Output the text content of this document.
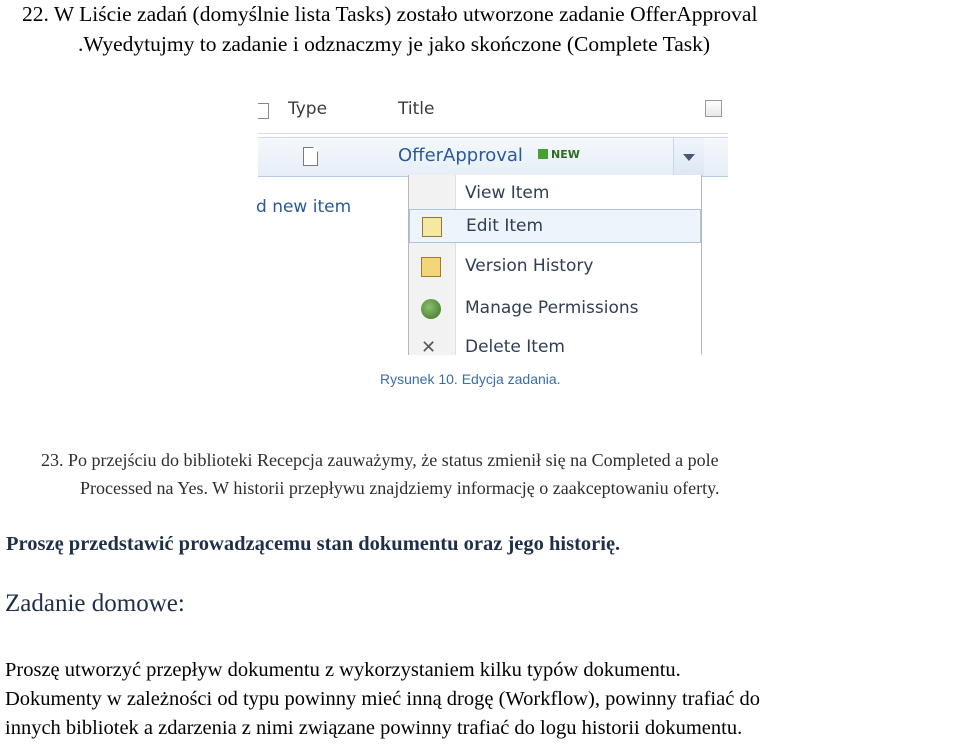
22. W Liście zadań (domyślnie lista Tasks) zostało utworzone zadanie OfferApproval
.Wyedytujmy to zadanie i odznaczmy je jako skończone (Complete Task)
Type	Title
OfferApproval	NEW
d new item
View Item
Edit Item
Version History
Manage Permissions
✕ Delete Item
Rysunek 10. Edycja zadania.
23. Po przejściu do biblioteki Recepcja zauważymy, że status zmienił się na Completed a pole
Processed na Yes. W historii przepływu znajdziemy informację o zaakceptowaniu oferty.
Proszę przedstawić prowadzącemu stan dokumentu oraz jego historię.
Zadanie domowe:
Proszę utworzyć przepływ dokumentu z wykorzystaniem kilku typów dokumentu.
Dokumenty w zależności od typu powinny mieć inną drogę (Workflow), powinny trafiać do
innych bibliotek a zdarzenia z nimi związane powinny trafiać do logu historii dokumentu.
